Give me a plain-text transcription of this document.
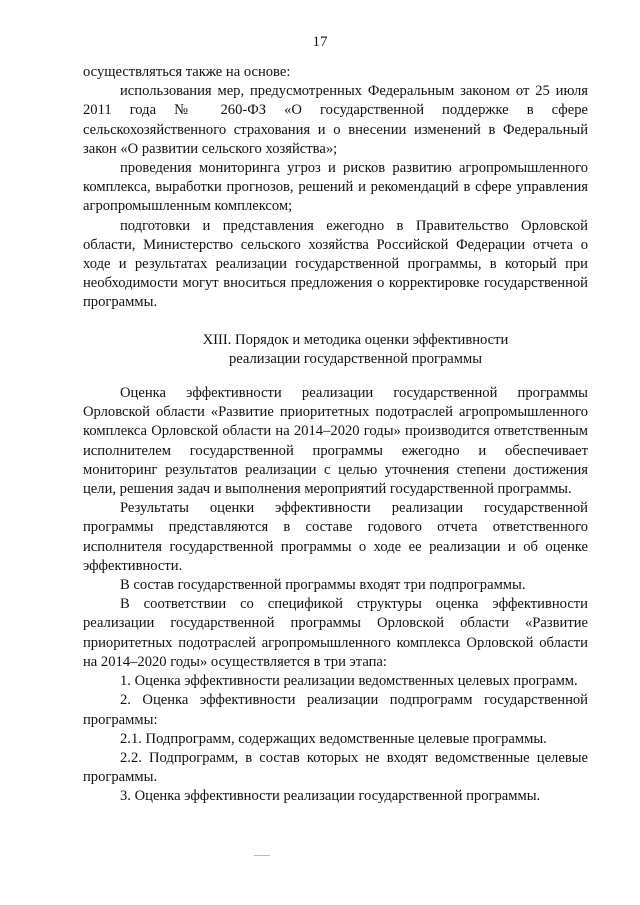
17

осуществляться также на основе:

использования мер, предусмотренных Федеральным законом от 25 июля 2011 года № 260-ФЗ «О государственной поддержке в сфере сельскохозяйственного страхования и о внесении изменений в Федеральный закон «О развитии сельского хозяйства»;

проведения мониторинга угроз и рисков развитию агропромышленного комплекса, выработки прогнозов, решений и рекомендаций в сфере управления агропромышленным комплексом;

подготовки и представления ежегодно в Правительство Орловской области, Министерство сельского хозяйства Российской Федерации отчета о ходе и результатах реализации государственной программы, в который при необходимости могут вноситься предложения о корректировке государственной программы.

XIII. Порядок и методика оценки эффективности
реализации государственной программы

Оценка эффективности реализации государственной программы Орловской области «Развитие приоритетных подотраслей агропромышленного комплекса Орловской области на 2014–2020 годы» производится ответственным исполнителем государственной программы ежегодно и обеспечивает мониторинг результатов реализации с целью уточнения степени достижения цели, решения задач и выполнения мероприятий государственной программы.

Результаты оценки эффективности реализации государственной программы представляются в составе годового отчета ответственного исполнителя государственной программы о ходе ее реализации и об оценке эффективности.

В состав государственной программы входят три подпрограммы.

В соответствии со спецификой структуры оценка эффективности реализации государственной программы Орловской области «Развитие приоритетных подотраслей агропромышленного комплекса Орловской области на 2014–2020 годы» осуществляется в три этапа:

1. Оценка эффективности реализации ведомственных целевых программ.

2. Оценка эффективности реализации подпрограмм государственной программы:

2.1. Подпрограмм, содержащих ведомственные целевые программы.

2.2. Подпрограмм, в состав которых не входят ведомственные целевые программы.

3. Оценка эффективности реализации государственной программы.
